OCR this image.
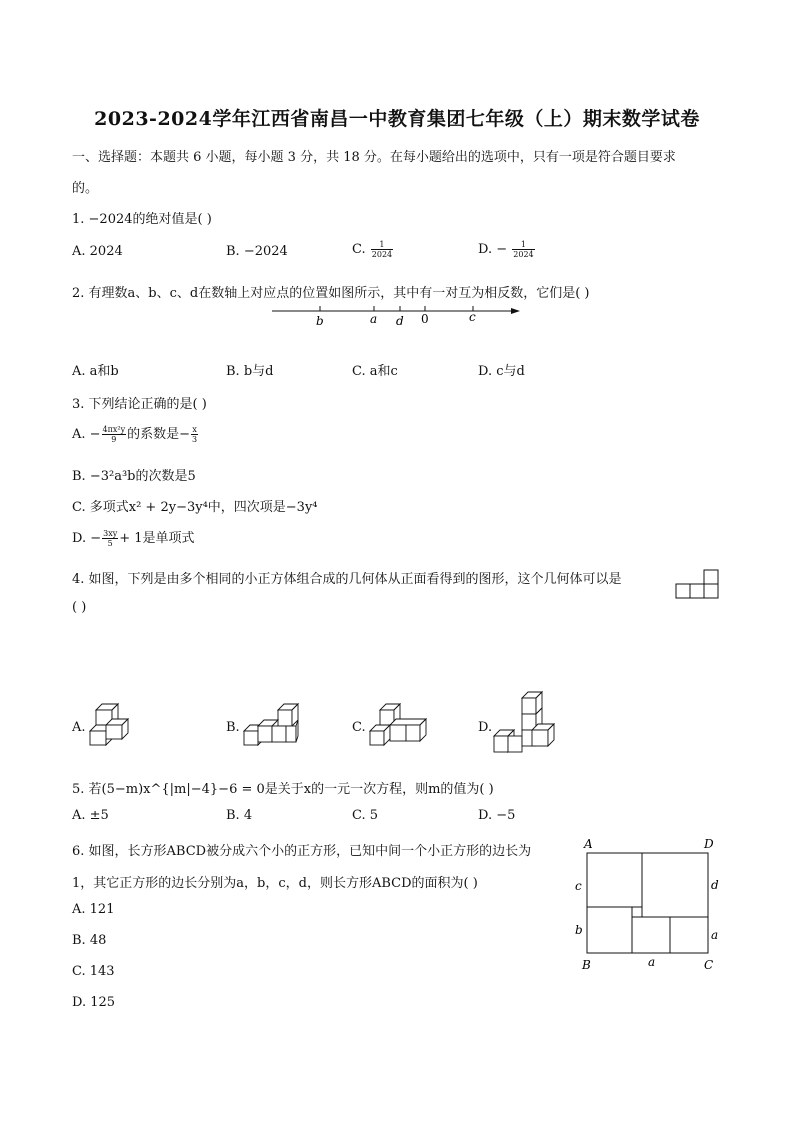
2023-2024学年江西省南昌一中教育集团七年级（上）期末数学试卷
一、选择题：本题共 6 小题，每小题 3 分，共 18 分。在每小题给出的选项中，只有一项是符合题目要求
的。
1. −2024的绝对值是( )
A. 2024	B. −2024	C. $\frac{1}{2024}$	D. − $\frac{1}{2024}$
2. 有理数a、b、c、d在数轴上对应点的位置如图所示，其中有一对互为相反数，它们是( )
b	a d 0	c
A. a和b	B. b与d	C. a和c	D. c与d
3. 下列结论正确的是( )
A. − $\frac{\text{4πx²y}}{9}$ 的系数是− $\frac{x}{3}$
B. −3²a³b的次数是5
C. 多项式x² + 2y−3y⁴中，四次项是−3y⁴
D. − $\frac{3xy}{5} + 1$是单项式
4. 如图，下列是由多个相同的小正方体组合成的几何体从正面看得到的图形，这个几何体可以是
( )
A.	B.	C.	D.
5. 若(5−m)x^{|m|−4}−6 = 0是关于x的一元一次方程，则m的值为( )
A. ±5	B. 4	C. 5	D. −5
6. 如图，长方形ABCD被分成六个小的正方形，已知中间一个小正方形的边长为
1，其它正方形的边长分别为a，b，c，d，则长方形ABCD的面积为( )
A. 121
B. 48
C. 143
D. 125
A	D
B	C
a
b
c	d
a
